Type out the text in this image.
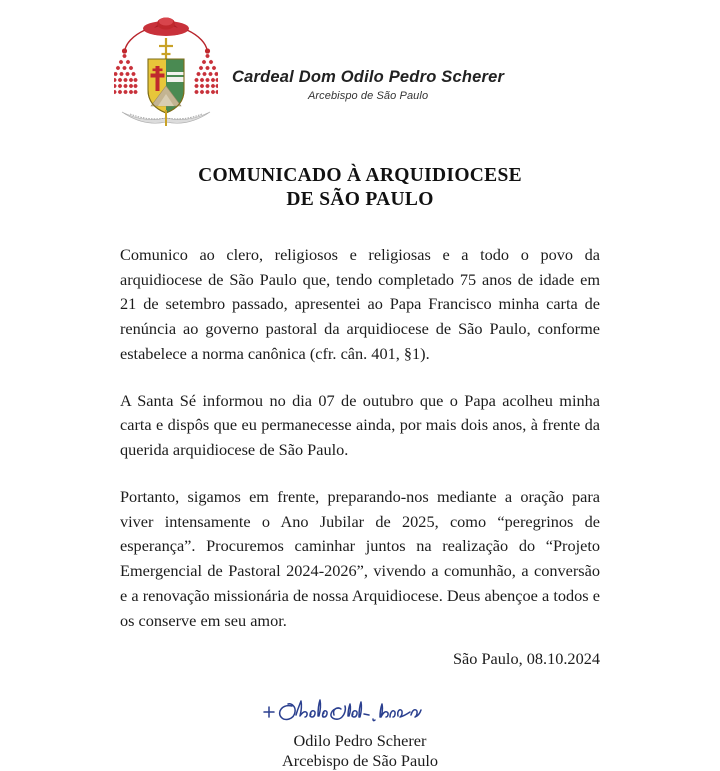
Cardeal Dom Odilo Pedro Scherer
Arcebispo de São Paulo
COMUNICADO À ARQUIDIOCESE
DE SÃO PAULO

Comunico ao clero, religiosos e religiosas e a todo o povo da arquidiocese de São Paulo que, tendo completado 75 anos de idade em 21 de setembro passado, apresentei ao Papa Francisco minha carta de renúncia ao governo pastoral da arquidiocese de São Paulo, conforme estabelece a norma canônica (cfr. cân. 401, §1).

A Santa Sé informou no dia 07 de outubro que o Papa acolheu minha carta e dispôs que eu permanecesse ainda, por mais dois anos, à frente da querida arquidiocese de São Paulo.

Portanto, sigamos em frente, preparando-nos mediante a oração para viver intensamente o Ano Jubilar de 2025, como “peregrinos de esperança”. Procuremos caminhar juntos na realização do “Projeto Emergencial de Pastoral 2024-2026”, vivendo a comunhão, a conversão e a renovação missionária de nossa Arquidiocese. Deus abençoe a todos e os conserve em seu amor.

São Paulo, 08.10.2024
Odilo Pedro Scherer
Arcebispo de São Paulo
